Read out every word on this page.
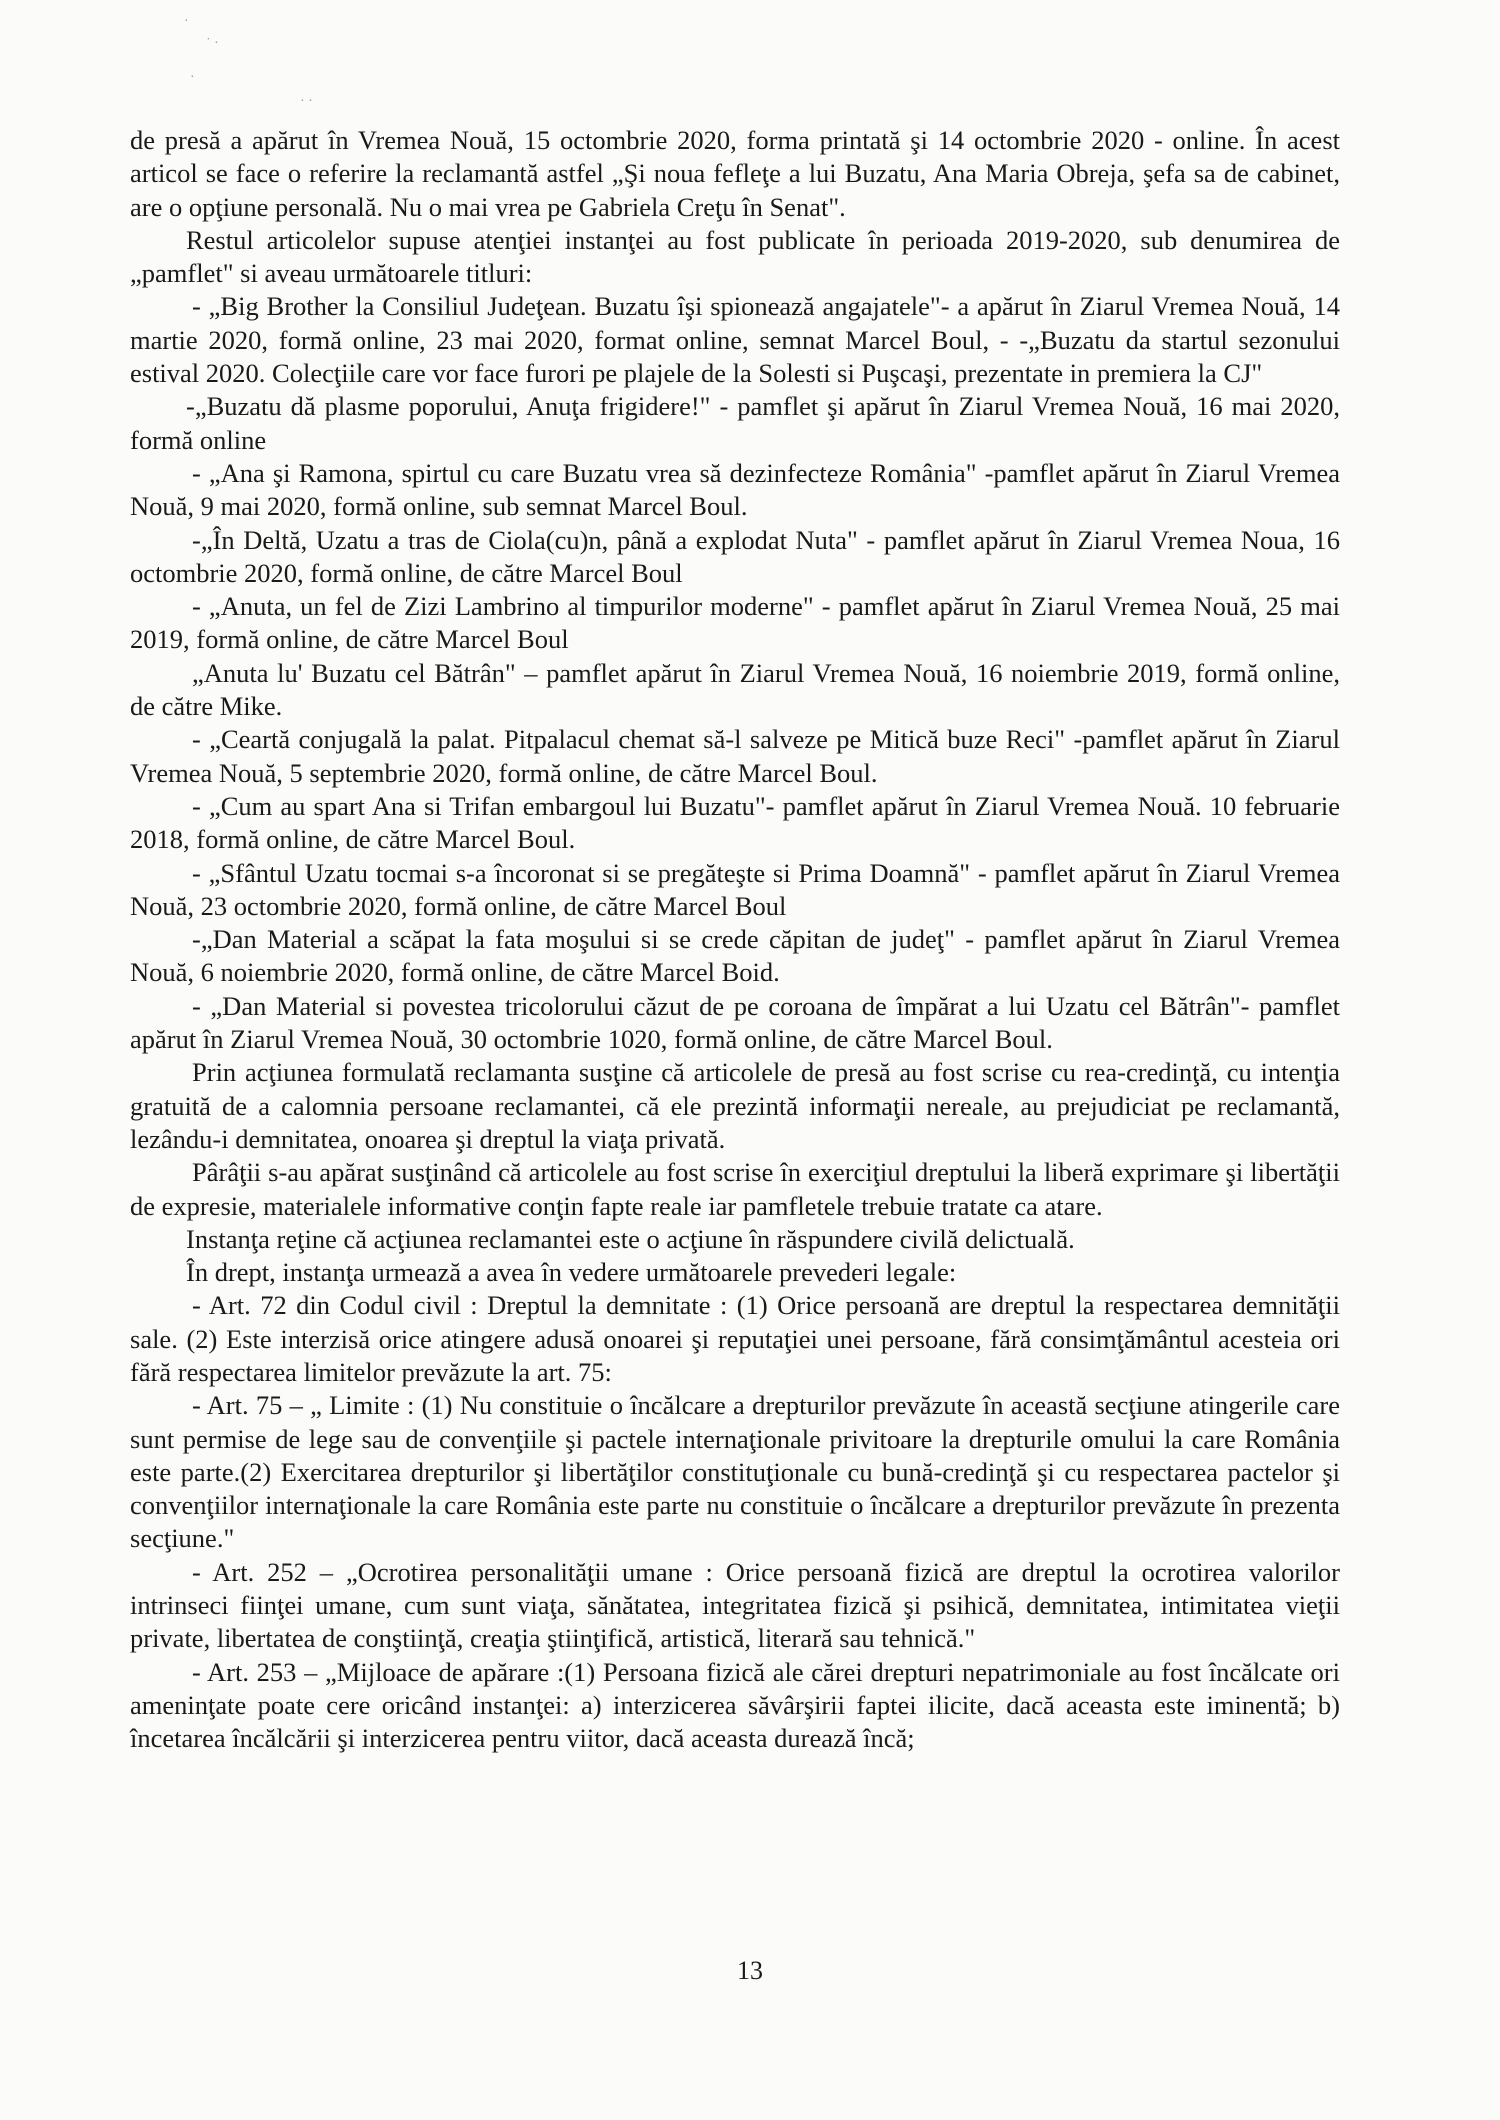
·
˙ ·
·
· ·

de presă a apărut în Vremea Nouă, 15 octombrie 2020, forma printată şi 14 octombrie 2020 - online. În acest articol se face o referire la reclamantă astfel „Şi noua fefleţe a lui Buzatu, Ana Maria Obreja, şefa sa de cabinet, are o opţiune personală. Nu o mai vrea pe Gabriela Creţu în Senat".

Restul articolelor supuse atenţiei instanţei au fost publicate în perioada 2019-2020, sub denumirea de „pamflet" si aveau următoarele titluri:

- „Big Brother la Consiliul Judeţean. Buzatu îşi spionează angajatele"- a apărut în Ziarul Vremea Nouă, 14 martie 2020, formă online, 23 mai 2020, format online, semnat Marcel Boul, - -„Buzatu da startul sezonului estival 2020. Colecţiile care vor face furori pe plajele de la Solesti si Puşcaşi, prezentate in premiera la CJ"

-„Buzatu dă plasme poporului, Anuţa frigidere!" - pamflet şi apărut în Ziarul Vremea Nouă, 16 mai 2020, formă online

- „Ana şi Ramona, spirtul cu care Buzatu vrea să dezinfecteze România" -pamflet apărut în Ziarul Vremea Nouă, 9 mai 2020, formă online, sub semnat Marcel Boul.

-„În Deltă, Uzatu a tras de Ciola(cu)n, până a explodat Nuta" - pamflet apărut în Ziarul Vremea Noua, 16 octombrie 2020, formă online, de către Marcel Boul

- „Anuta, un fel de Zizi Lambrino al timpurilor moderne" - pamflet apărut în Ziarul Vremea Nouă, 25 mai 2019, formă online, de către Marcel Boul

„Anuta lu' Buzatu cel Bătrân" – pamflet apărut în Ziarul Vremea Nouă, 16 noiembrie 2019, formă online, de către Mike.

- „Ceartă conjugală la palat. Pitpalacul chemat să-l salveze pe Mitică buze Reci" -pamflet apărut în Ziarul Vremea Nouă, 5 septembrie 2020, formă online, de către Marcel Boul.

- „Cum au spart Ana si Trifan embargoul lui Buzatu"- pamflet apărut în Ziarul Vremea Nouă. 10 februarie 2018, formă online, de către Marcel Boul.

- „Sfântul Uzatu tocmai s-a încoronat si se pregăteşte si Prima Doamnă" - pamflet apărut în Ziarul Vremea Nouă, 23 octombrie 2020, formă online, de către Marcel Boul

-„Dan Material a scăpat la fata moşului si se crede căpitan de judeţ" - pamflet apărut în Ziarul Vremea Nouă, 6 noiembrie 2020, formă online, de către Marcel Boid.

- „Dan Material si povestea tricolorului căzut de pe coroana de împărat a lui Uzatu cel Bătrân"- pamflet apărut în Ziarul Vremea Nouă, 30 octombrie 1020, formă online, de către Marcel Boul.

Prin acţiunea formulată reclamanta susţine că articolele de presă au fost scrise cu rea-credinţă, cu intenţia gratuită de a calomnia persoane reclamantei, că ele prezintă informaţii nereale, au prejudiciat pe reclamantă, lezându-i demnitatea, onoarea şi dreptul la viaţa privată.

Pârâţii s-au apărat susţinând că articolele au fost scrise în exerciţiul dreptului la liberă exprimare şi libertăţii de expresie, materialele informative conţin fapte reale iar pamfletele trebuie tratate ca atare.

Instanţa reţine că acţiunea reclamantei este o acţiune în răspundere civilă delictuală.

În drept, instanţa urmează a avea în vedere următoarele prevederi legale:

- Art. 72 din Codul civil : Dreptul la demnitate : (1) Orice persoană are dreptul la respectarea demnităţii sale. (2) Este interzisă orice atingere adusă onoarei şi reputaţiei unei persoane, fără consimţământul acesteia ori fără respectarea limitelor prevăzute la art. 75:

- Art. 75 – „ Limite : (1) Nu constituie o încălcare a drepturilor prevăzute în această secţiune atingerile care sunt permise de lege sau de convenţiile şi pactele internaţionale privitoare la drepturile omului la care România este parte.(2) Exercitarea drepturilor şi libertăţilor constituţionale cu bună-credinţă şi cu respectarea pactelor şi convenţiilor internaţionale la care România este parte nu constituie o încălcare a drepturilor prevăzute în prezenta secţiune."

- Art. 252 – „Ocrotirea personalităţii umane : Orice persoană fizică are dreptul la ocrotirea valorilor intrinseci fiinţei umane, cum sunt viaţa, sănătatea, integritatea fizică şi psihică, demnitatea, intimitatea vieţii private, libertatea de conştiinţă, creaţia ştiinţifică, artistică, literară sau tehnică."

- Art. 253 – „Mijloace de apărare :(1) Persoana fizică ale cărei drepturi nepatrimoniale au fost încălcate ori ameninţate poate cere oricând instanţei: a) interzicerea săvârşirii faptei ilicite, dacă aceasta este iminentă; b) încetarea încălcării şi interzicerea pentru viitor, dacă aceasta durează încă;

13
